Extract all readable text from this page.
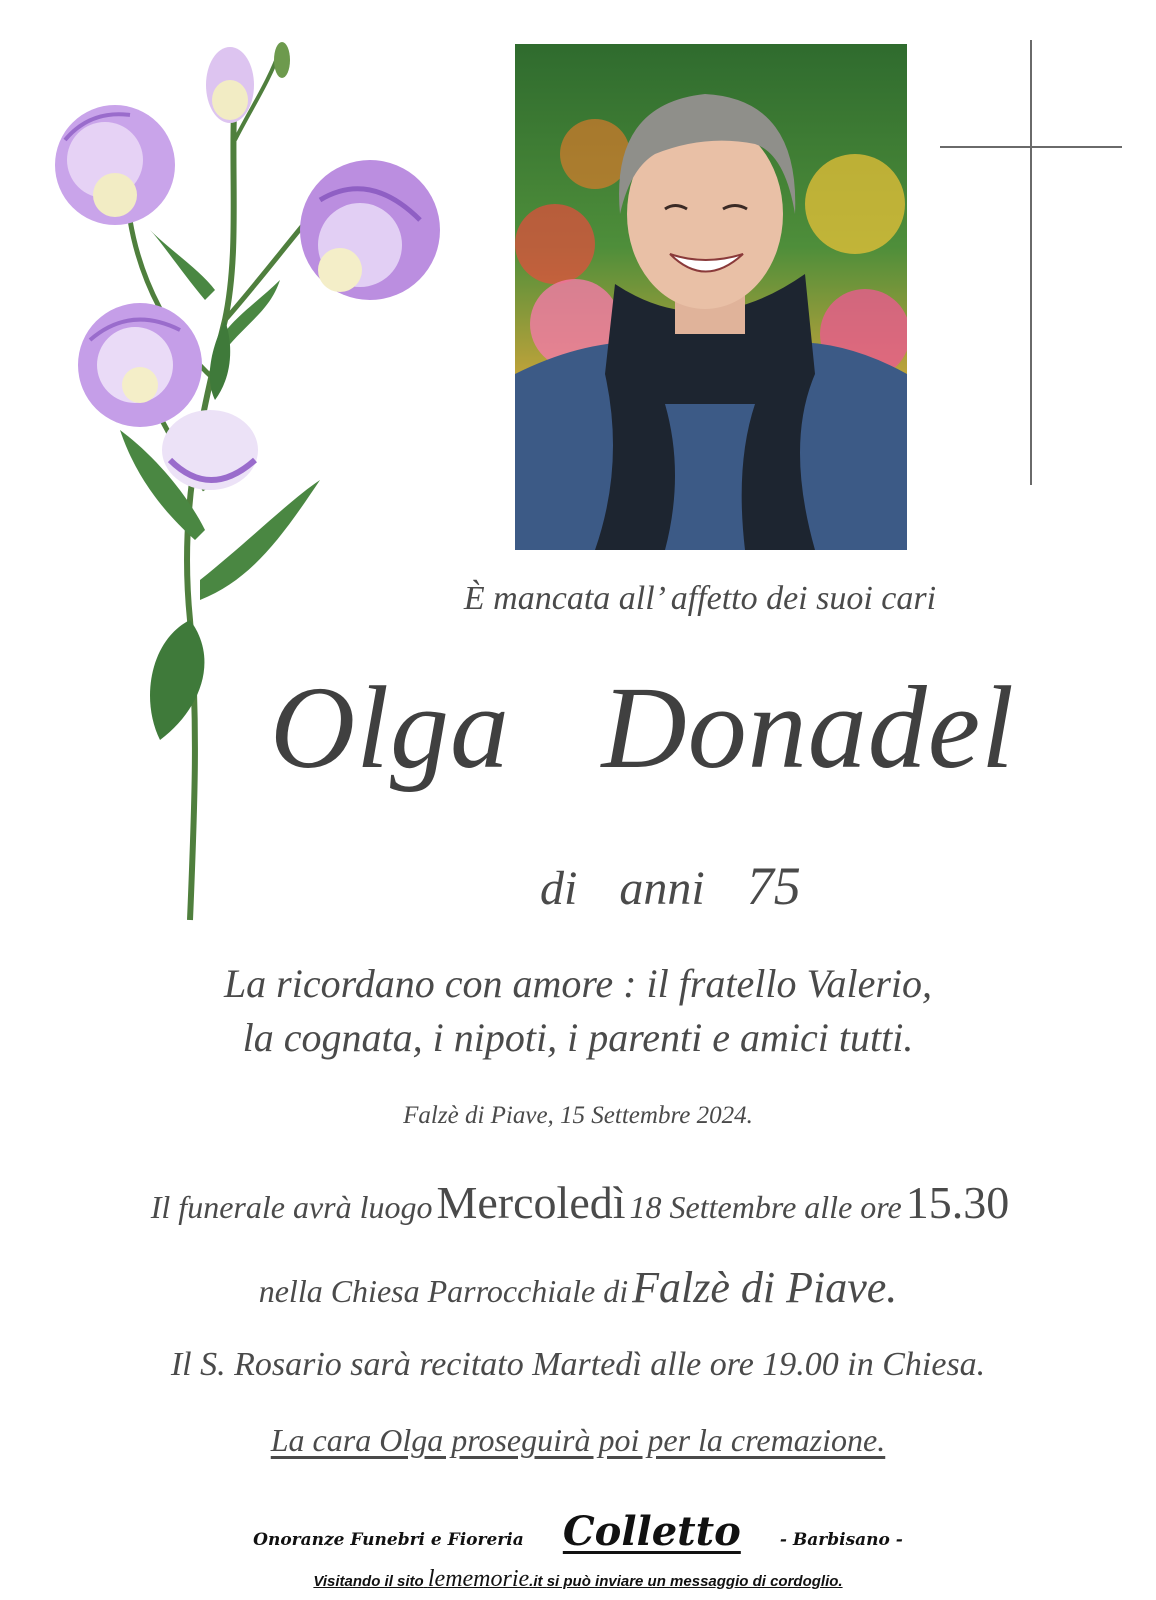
È mancata all’ affetto dei suoi cari
Olga Donadel
di anni 75
La ricordano con amore : il fratello Valerio,
la cognata, i nipoti, i parenti e amici tutti.
Falzè di Piave, 15 Settembre 2024.
Il funerale avrà luogo Mercoledì 18 Settembre alle ore 15.30
nella Chiesa Parrocchiale di Falzè di Piave.
Il S. Rosario sarà recitato Martedì alle ore 19.00 in Chiesa.
La cara Olga proseguirà poi per la cremazione.
Onoranze Funebri e Fioreria Colletto - Barbisano -
Visitando il sito lememorie.it si può inviare un messaggio di cordoglio.
